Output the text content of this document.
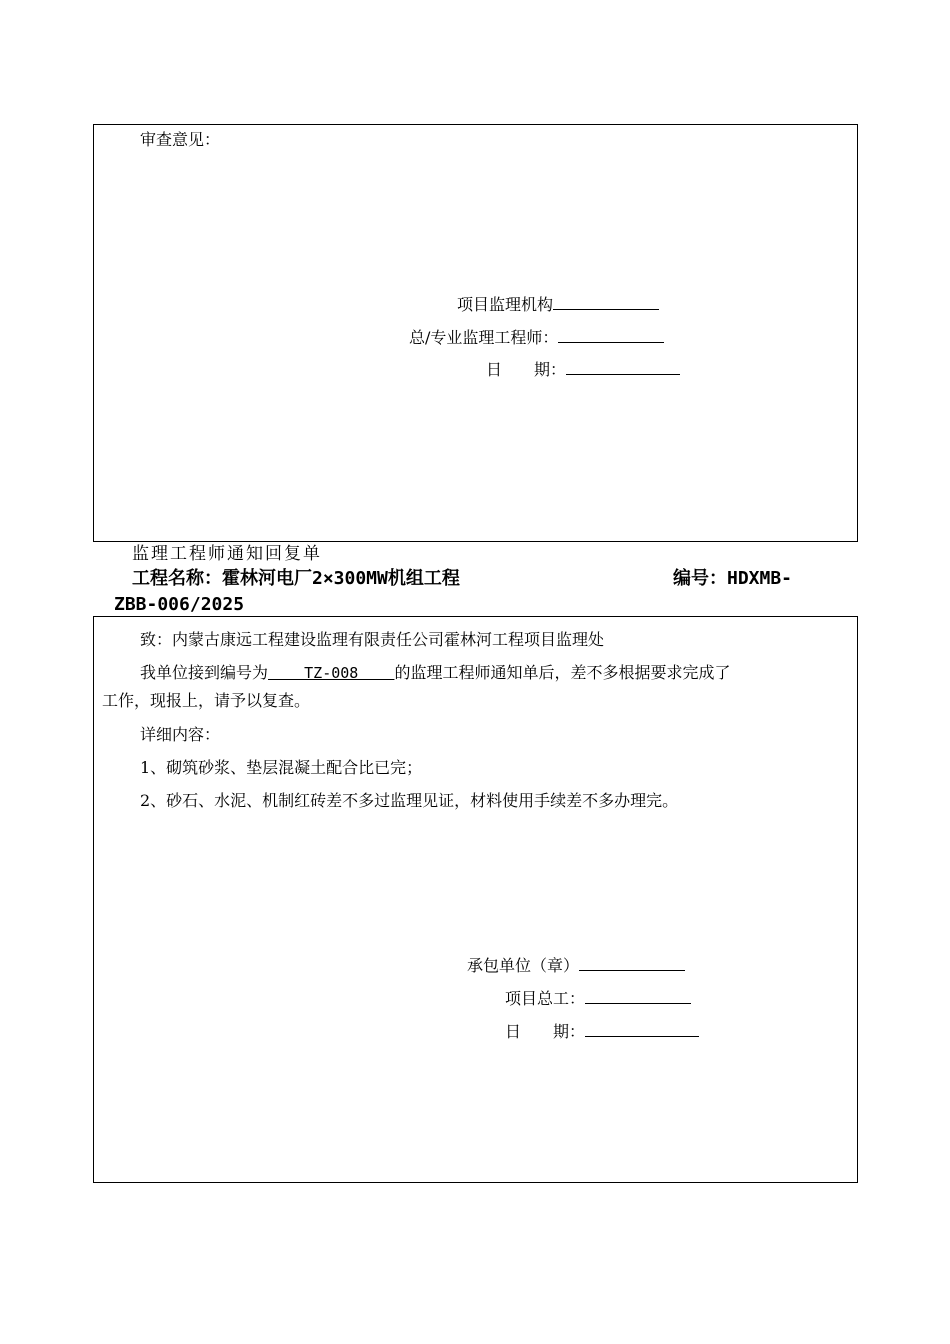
审查意见：
项目监理机构
总/专业监理工程师：
日　　期：
监理工程师通知回复单
工程名称：霍林河电厂2×300MW机组工程	编号：HDXMB-
ZBB-006/2025
致：内蒙古康远工程建设监理有限责任公司霍林河工程项目监理处
我单位接到编号为    TZ-008    的监理工程师通知单后，差不多根据要求完成了
工作，现报上，请予以复查。
详细内容：
1、砌筑砂浆、垫层混凝土配合比已完；
2、砂石、水泥、机制红砖差不多过监理见证，材料使用手续差不多办理完。
承包单位（章）
项目总工：
日　　期：
